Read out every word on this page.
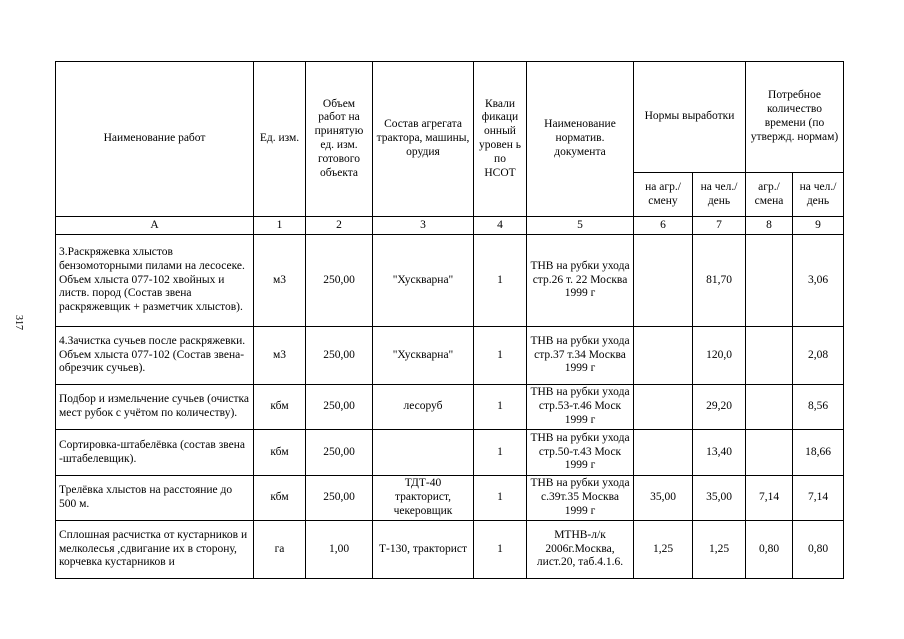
317
Наименование работ	Ед. изм.	Объем работ на принятую ед. изм. готового объекта	Состав агрегата трактора, машины, орудия	Квали фикаци онный уровен ь по НСОТ	Наименование норматив. документа	Нормы выработки		Потребное количество времени (по утвержд. нормам)	
						на агр./ смену	на чел./ день	агр./ смена	на чел./ день
А	1	2	3	4	5	6	7	8	9
3.Раскряжевка хлыстов бензомоторными пилами на лесосеке. Объем хлыста 077-102 хвойных и листв. пород (Состав звена раскряжевщик + разметчик хлыстов).	м3	250,00	"Хускварна"	1	ТНВ на рубки ухода стр.26 т. 22 Москва 1999 г		81,70		3,06
4.Зачистка сучьев после раскряжевки. Объем хлыста 077-102 (Состав звена-обрезчик сучьев).	м3	250,00	"Хускварна"	1	ТНВ на рубки ухода стр.37 т.34 Москва 1999 г		120,0		2,08
Подбор и измельчение сучьев (очистка мест рубок с учётом по количеству).	кбм	250,00	лесоруб	1	ТНВ на рубки ухода стр.53-т.46 Моск 1999 г		29,20		8,56
Сортировка-штабелёвка (состав звена -штабелевщик).	кбм	250,00		1	ТНВ на рубки ухода стр.50-т.43 Моск 1999 г		13,40		18,66
Трелёвка хлыстов на расстояние до 500 м.	кбм	250,00	ТДТ-40 тракторист, чекеровщик	1	ТНВ на рубки ухода с.39т.35 Москва 1999 г	35,00	35,00	7,14	7,14
Сплошная расчистка от кустарников и мелколесья ,сдвигание их в сторону, корчевка кустарников и	га	1,00	Т-130, тракторист	1	МТНВ-л/к 2006г.Москва, лист.20, таб.4.1.6.	1,25	1,25	0,80	0,80
